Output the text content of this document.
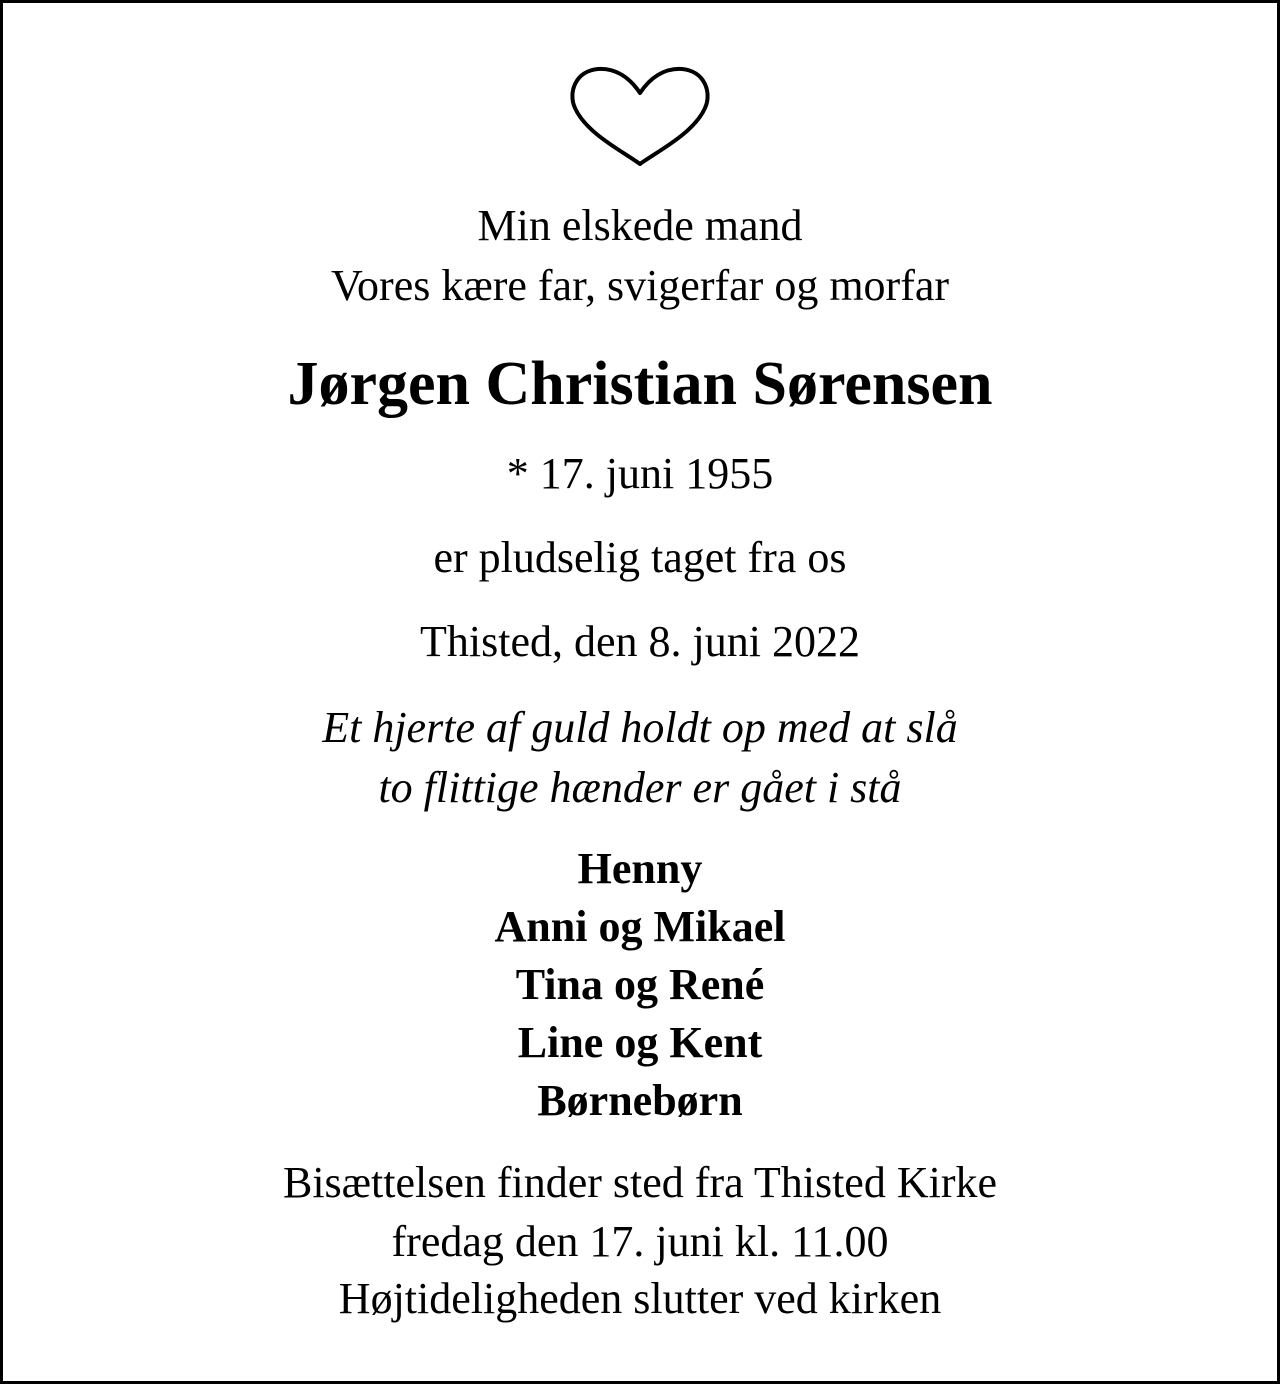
Min elskede mand
Vores kære far, svigerfar og morfar
Jørgen Christian Sørensen
* 17. juni 1955
er pludselig taget fra os
Thisted, den 8. juni 2022
Et hjerte af guld holdt op med at slå
to flittige hænder er gået i stå
Henny
Anni og Mikael
Tina og René
Line og Kent
Børnebørn
Bisættelsen finder sted fra Thisted Kirke
fredag den 17. juni kl. 11.00
Højtideligheden slutter ved kirken
